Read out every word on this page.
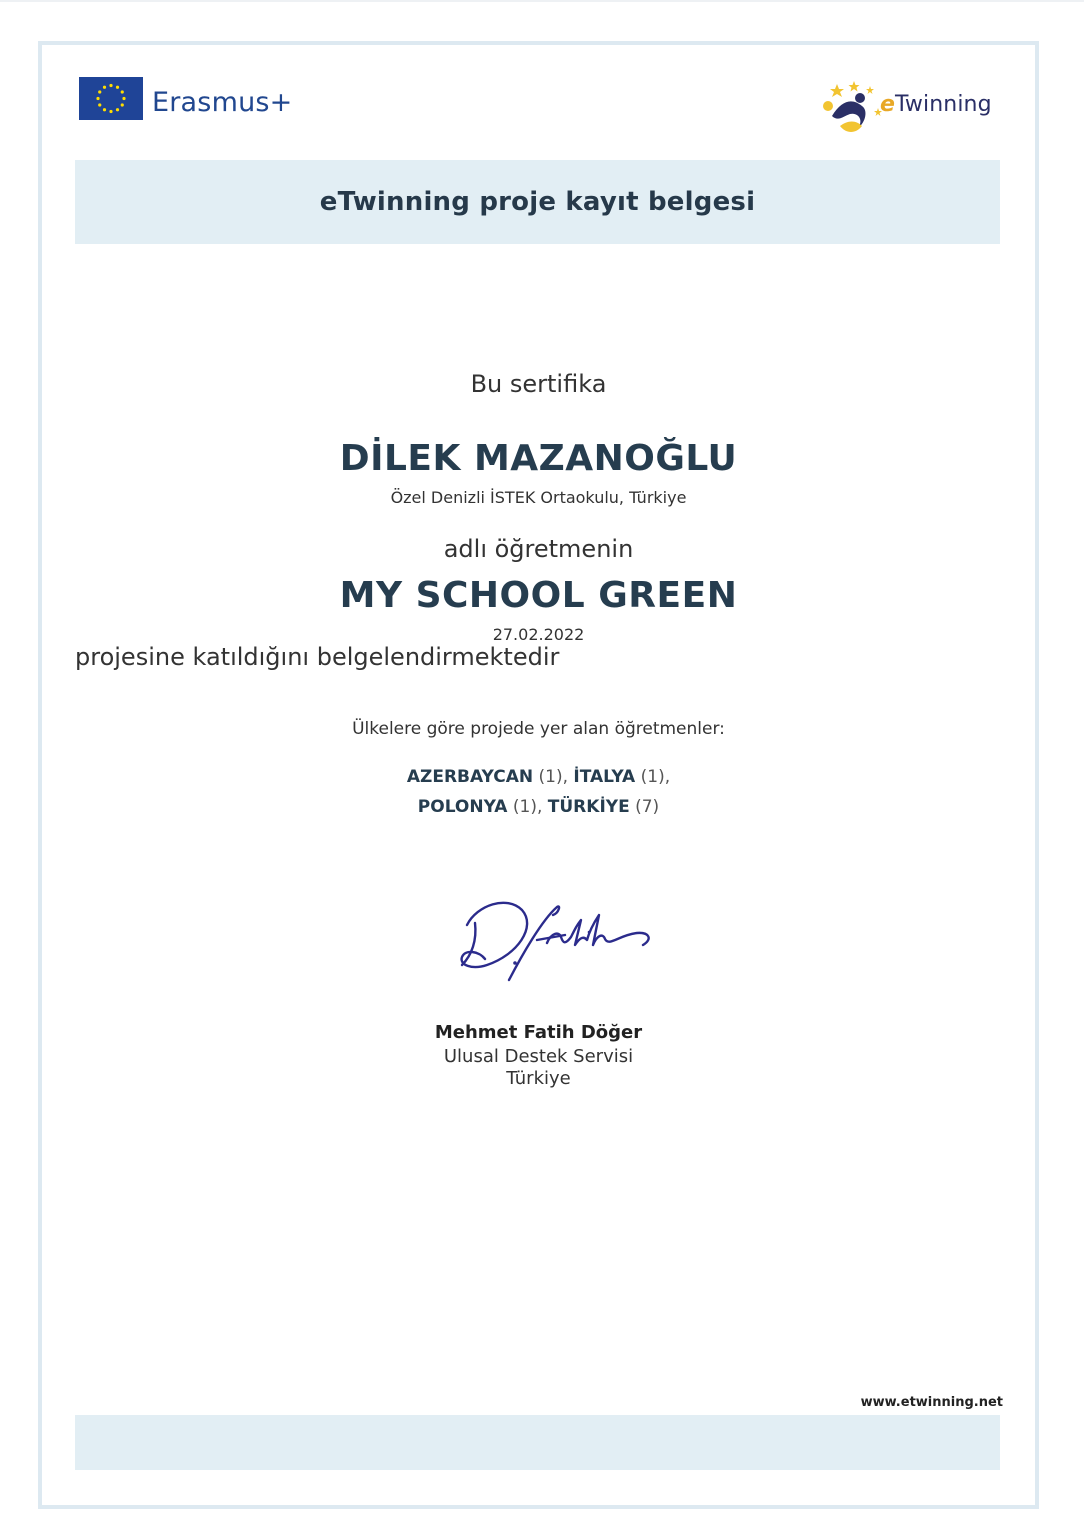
Erasmus+	eTwinning
eTwinning proje kayıt belgesi
Bu sertifika
DİLEK MAZANOĞLU
Özel Denizli İSTEK Ortaokulu, Türkiye
adlı öğretmenin
MY SCHOOL GREEN
27.02.2022
projesine katıldığını belgelendirmektedir
Ülkelere göre projede yer alan öğretmenler:
AZERBAYCAN (1), İTALYA (1),
POLONYA (1), TÜRKİYE (7)
Mehmet Fatih Döğer
Ulusal Destek Servisi
Türkiye
www.etwinning.net
